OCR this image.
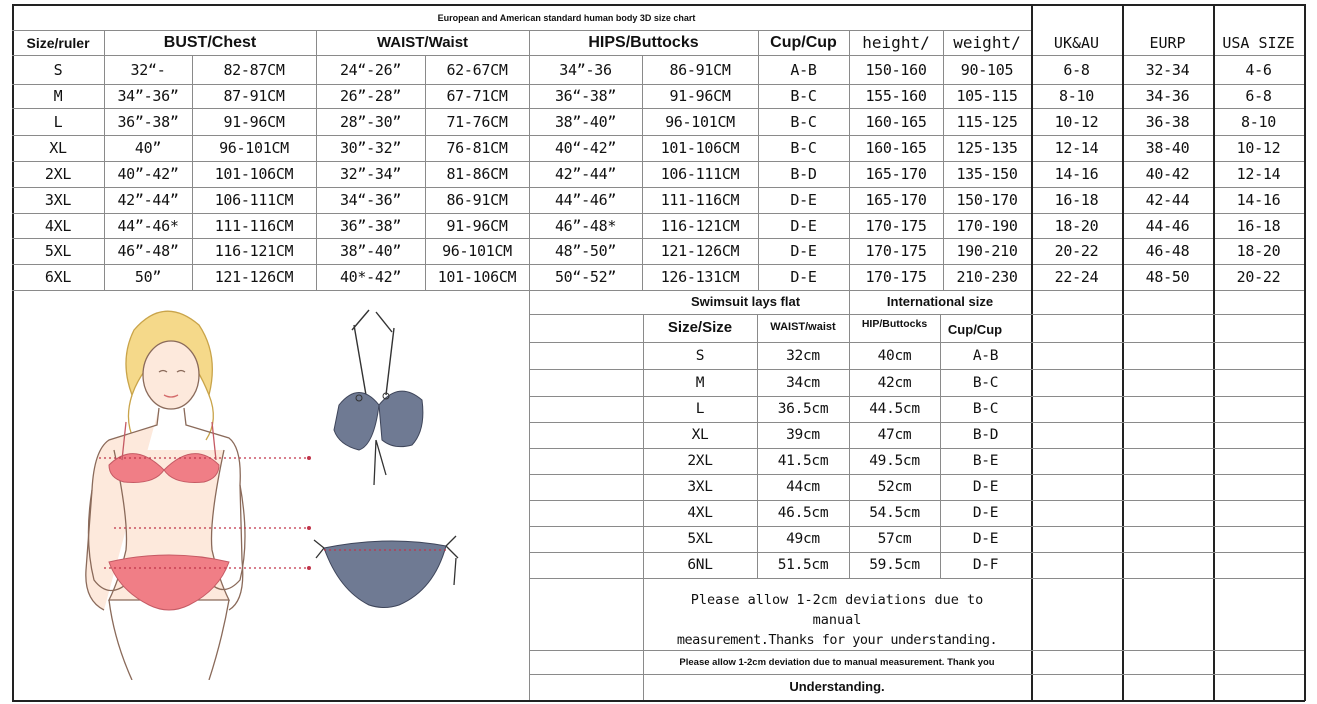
European and American standard human body 3D size chart
Size/ruler	BUST/Chest	WAIST/Waist	HIPS/Buttocks	Cup/Cup	height/	weight/	UK&AU	EURP	USA SIZE
S	32“-	82-87CM	24“-26”	62-67CM	34”-36	86-91CM	A-B	150-160	90-105	6-8	32-34	4-6
M	34”-36”	87-91CM	26”-28”	67-71CM	36“-38”	91-96CM	B-C	155-160	105-115	8-10	34-36	6-8
L	36”-38”	91-96CM	28”-30”	71-76CM	38”-40”	96-101CM	B-C	160-165	115-125	10-12	36-38	8-10
XL	40”	96-101CM	30”-32”	76-81CM	40“-42”	101-106CM	B-C	160-165	125-135	12-14	38-40	10-12
2XL	40”-42”	101-106CM	32”-34”	81-86CM	42”-44”	106-111CM	B-D	165-170	135-150	14-16	40-42	12-14
3XL	42”-44”	106-111CM	34“-36”	86-91CM	44”-46”	111-116CM	D-E	165-170	150-170	16-18	42-44	14-16
4XL	44”-46*	111-116CM	36”-38”	91-96CM	46”-48*	116-121CM	D-E	170-175	170-190	18-20	44-46	16-18
5XL	46”-48”	116-121CM	38”-40”	96-101CM	48”-50”	121-126CM	D-E	170-175	190-210	20-22	46-48	18-20
6XL	50”	121-126CM	40*-42”	101-106CM	50“-52”	126-131CM	D-E	170-175	210-230	22-24	48-50	20-22
Swimsuit lays flat	International size
Size/Size	WAIST/waist	HIP/Buttocks	Cup/Cup
S	32cm	40cm	A-B
M	34cm	42cm	B-C
L	36.5cm	44.5cm	B-C
XL	39cm	47cm	B-D
2XL	41.5cm	49.5cm	B-E
3XL	44cm	52cm	D-E
4XL	46.5cm	54.5cm	D-E
5XL	49cm	57cm	D-E
6NL	51.5cm	59.5cm	D-F
Please allow 1-2cm deviations due to
manual
measurement.Thanks for your understanding.
Please allow 1-2cm deviation due to manual measurement. Thank you
Understanding.
